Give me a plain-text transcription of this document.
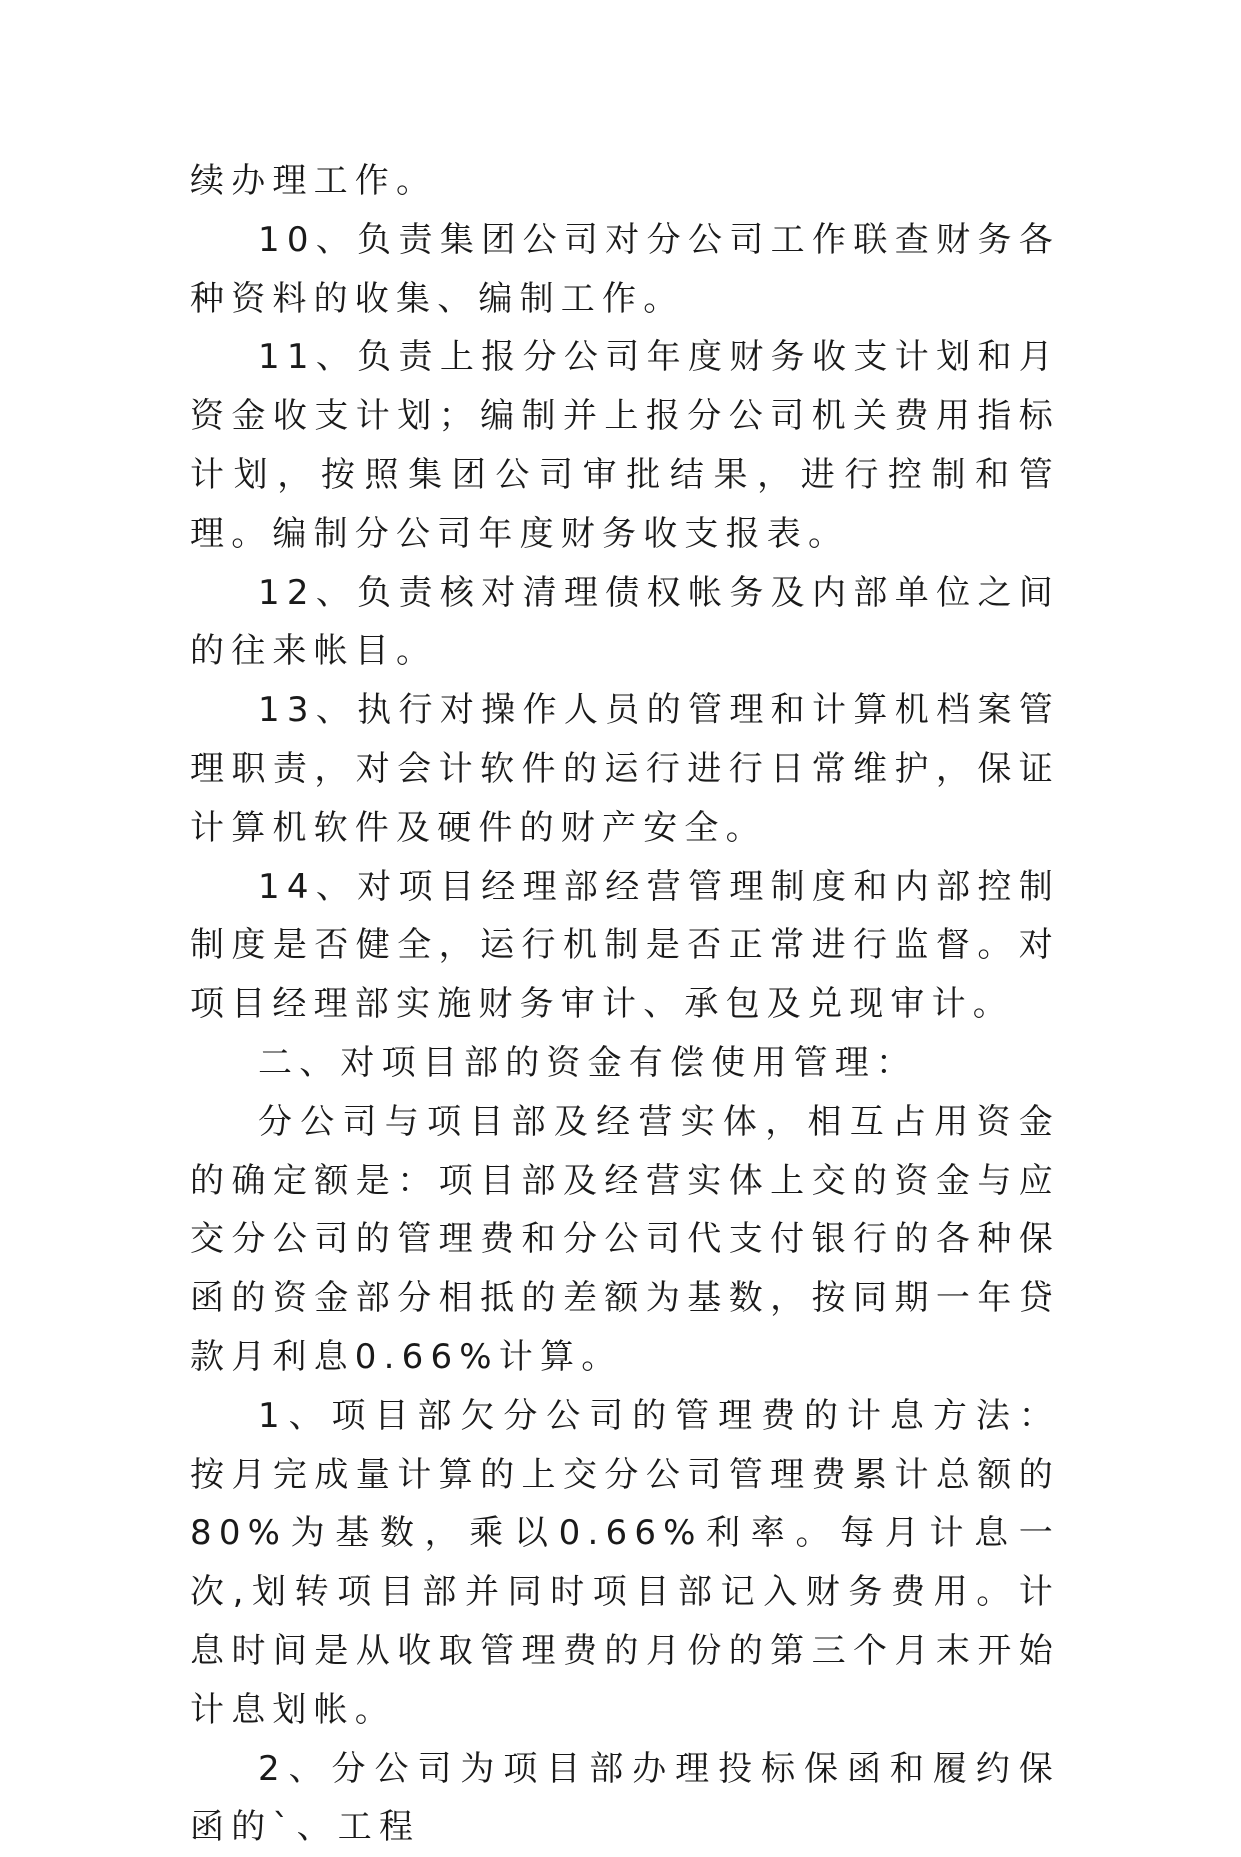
续办理工作。

10、负责集团公司对分公司工作联查财务各种资料的收集、编制工作。

11、负责上报分公司年度财务收支计划和月资金收支计划；编制并上报分公司机关费用指标计划，按照集团公司审批结果，进行控制和管理。编制分公司年度财务收支报表。

12、负责核对清理债权帐务及内部单位之间的往来帐目。

13、执行对操作人员的管理和计算机档案管理职责，对会计软件的运行进行日常维护，保证计算机软件及硬件的财产安全。

14、对项目经理部经营管理制度和内部控制制度是否健全，运行机制是否正常进行监督。对项目经理部实施财务审计、承包及兑现审计。

二、对项目部的资金有偿使用管理：

分公司与项目部及经营实体，相互占用资金的确定额是：项目部及经营实体上交的资金与应交分公司的管理费和分公司代支付银行的各种保函的资金部分相抵的差额为基数，按同期一年贷款月利息0.66%计算。

1、项目部欠分公司的管理费的计息方法：按月完成量计算的上交分公司管理费累计总额的80%为基数，乘以0.66%利率。每月计息一次,划转项目部并同时项目部记入财务费用。计息时间是从收取管理费的月份的第三个月末开始计息划帐。

2、分公司为项目部办理投标保函和履约保函的`、工程
